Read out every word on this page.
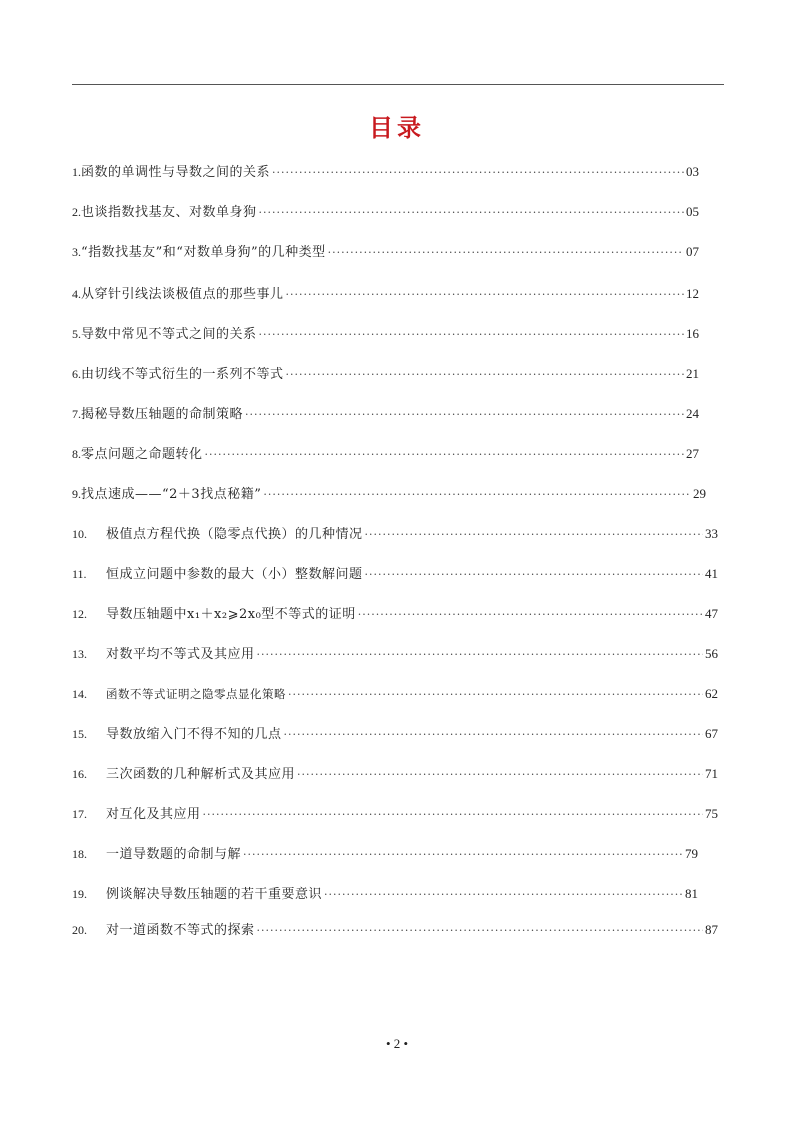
目录
1. 函数的单调性与导数之间的关系 ·····	03
2. 也谈指数找基友、对数单身狗 ·····	05
3. “指数找基友”和“对数单身狗”的几种类型 ·····	07
4. 从穿针引线法谈极值点的那些事儿 ·····	12
5. 导数中常见不等式之间的关系 ·····	16
6. 由切线不等式衍生的一系列不等式 ·····	21
7. 揭秘导数压轴题的命制策略 ·····	24
8. 零点问题之命题转化 ·····	27
9. 找点速成——“2＋3找点秘籍” ·····	29
10.	极值点方程代换（隐零点代换）的几种情况 ·····	33
11.	恒成立问题中参数的最大（小）整数解问题 ·····	41
12.	导数压轴题中x₁＋x₂⩾2x₀型不等式的证明 ·····	47
13.	对数平均不等式及其应用 ·····	56
14.	函数不等式证明之隐零点显化策略 ·····	62
15.	导数放缩入门不得不知的几点 ·····	67
16.	三次函数的几种解析式及其应用 ·····	71
17.	对互化及其应用 ·····	75
18.	一道导数题的命制与解 ·····	79
19.	例谈解决导数压轴题的若干重要意识 ·····	81
20.	对一道函数不等式的探索 ·····	87
• 2 •
